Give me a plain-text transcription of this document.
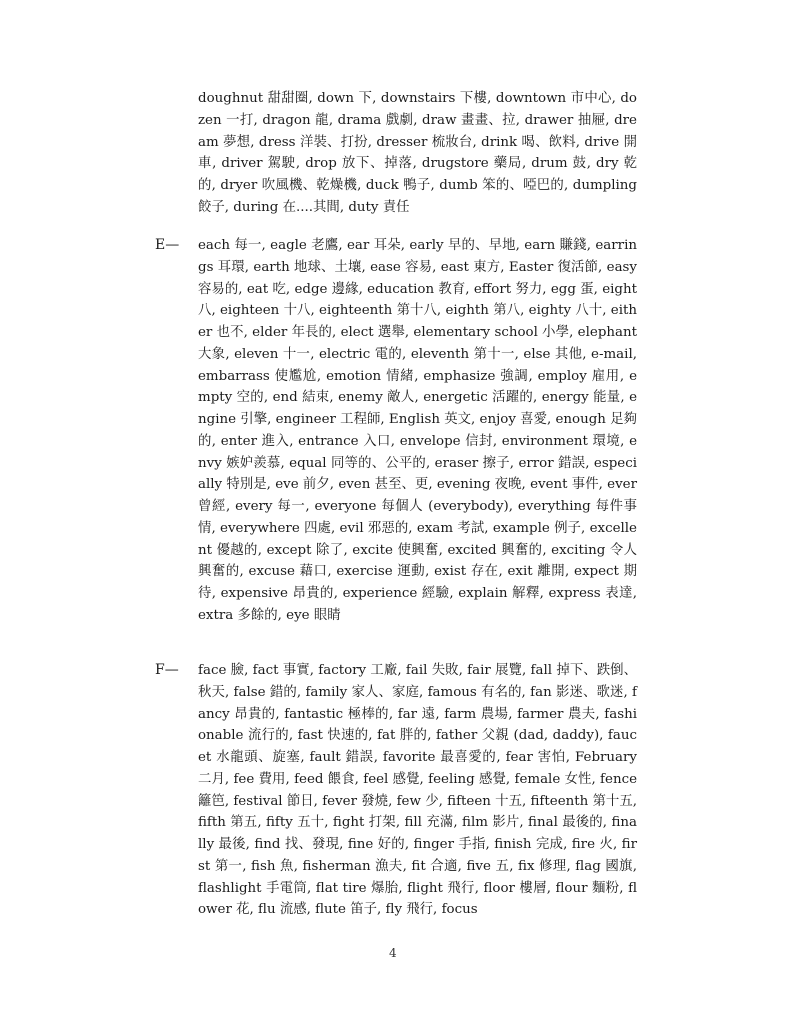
doughnut 甜甜圈, down 下, downstairs 下樓, downtown 市中心, dozen 一打, dragon 龍, drama 戲劇, draw 畫畫、拉, drawer 抽屜, dream 夢想, dress 洋裝、打扮, dresser 梳妝台, drink 喝、飲料, drive 開車, driver 駕駛, drop 放下、掉落, drugstore 藥局, drum 鼓, dry 乾的, dryer 吹風機、乾燥機, duck 鴨子, dumb 笨的、啞巴的, dumpling 餃子, during 在....其間, duty 責任
E—	each 每一, eagle 老鷹, ear 耳朵, early 早的、早地, earn 賺錢, earrings 耳環, earth 地球、土壤, ease 容易, east 東方, Easter 復活節, easy 容易的, eat 吃, edge 邊緣, education 教育, effort 努力, egg 蛋, eight 八, eighteen 十八, eighteenth 第十八, eighth 第八, eighty 八十, either 也不, elder 年長的, elect 選舉, elementary school 小學, elephant 大象, eleven 十一, electric 電的, eleventh 第十一, else 其他, e-mail, embarrass 使尷尬, emotion 情緒, emphasize 強調, employ 雇用, empty 空的, end 結束, enemy 敵人, energetic 活躍的, energy 能量, engine 引擎, engineer 工程師, English 英文, enjoy 喜愛, enough 足夠的, enter 進入, entrance 入口, envelope 信封, environment 環境, envy 嫉妒羨慕, equal 同等的、公平的, eraser 擦子, error 錯誤, especially 特別是, eve 前夕, even 甚至、更, evening 夜晚, event 事件, ever 曾經, every 每一, everyone 每個人 (everybody), everything 每件事情, everywhere 四處, evil 邪惡的, exam 考試, example 例子, excellent 優越的, except 除了, excite 使興奮, excited 興奮的, exciting 令人興奮的, excuse 藉口, exercise 運動, exist 存在, exit 離開, expect 期待, expensive 昂貴的, experience 經驗, explain 解釋, express 表達, extra 多餘的, eye 眼睛
F—	face 臉, fact 事實, factory 工廠, fail 失敗, fair 展覽, fall 掉下、跌倒、秋天, false 錯的, family 家人、家庭, famous 有名的, fan 影迷、歌迷, fancy 昂貴的, fantastic 極棒的, far 遠, farm 農場, farmer 農夫, fashionable 流行的, fast 快速的, fat 胖的, father 父親 (dad, daddy), faucet 水龍頭、旋塞, fault 錯誤, favorite 最喜愛的, fear 害怕, February 二月, fee 費用, feed 餵食, feel 感覺, feeling 感覺, female 女性, fence 籬笆, festival 節日, fever 發燒, few 少, fifteen 十五, fifteenth 第十五, fifth 第五, fifty 五十, fight 打架, fill 充滿, film 影片, final 最後的, finally 最後, find 找、發現, fine 好的, finger 手指, finish 完成, fire 火, first 第一, fish 魚, fisherman 漁夫, fit 合適, five 五, fix 修理, flag 國旗, flashlight 手電筒, flat tire 爆胎, flight 飛行, floor 樓層, flour 麵粉, flower 花, flu 流感, flute 笛子, fly 飛行, focus
4
